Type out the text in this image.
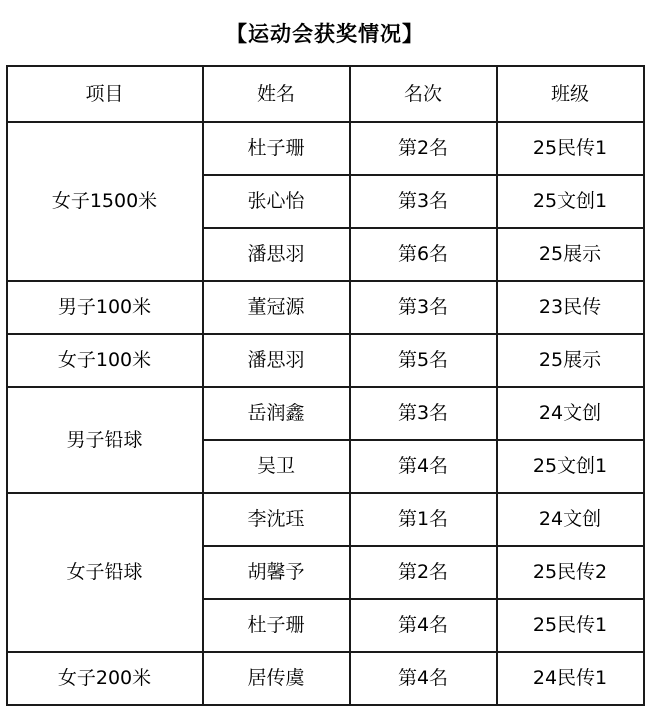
【运动会获奖情况】
项目	姓名	名次	班级
女子1500米	杜子珊	第2名	25民传1
	张心怡	第3名	25文创1
	潘思羽	第6名	25展示
男子100米	董冠源	第3名	23民传
女子100米	潘思羽	第5名	25展示
男子铅球	岳润鑫	第3名	24文创
	吴卫	第4名	25文创1
女子铅球	李沈珏	第1名	24文创
	胡馨予	第2名	25民传2
	杜子珊	第4名	25民传1
女子200米	居传虞	第4名	24民传1
